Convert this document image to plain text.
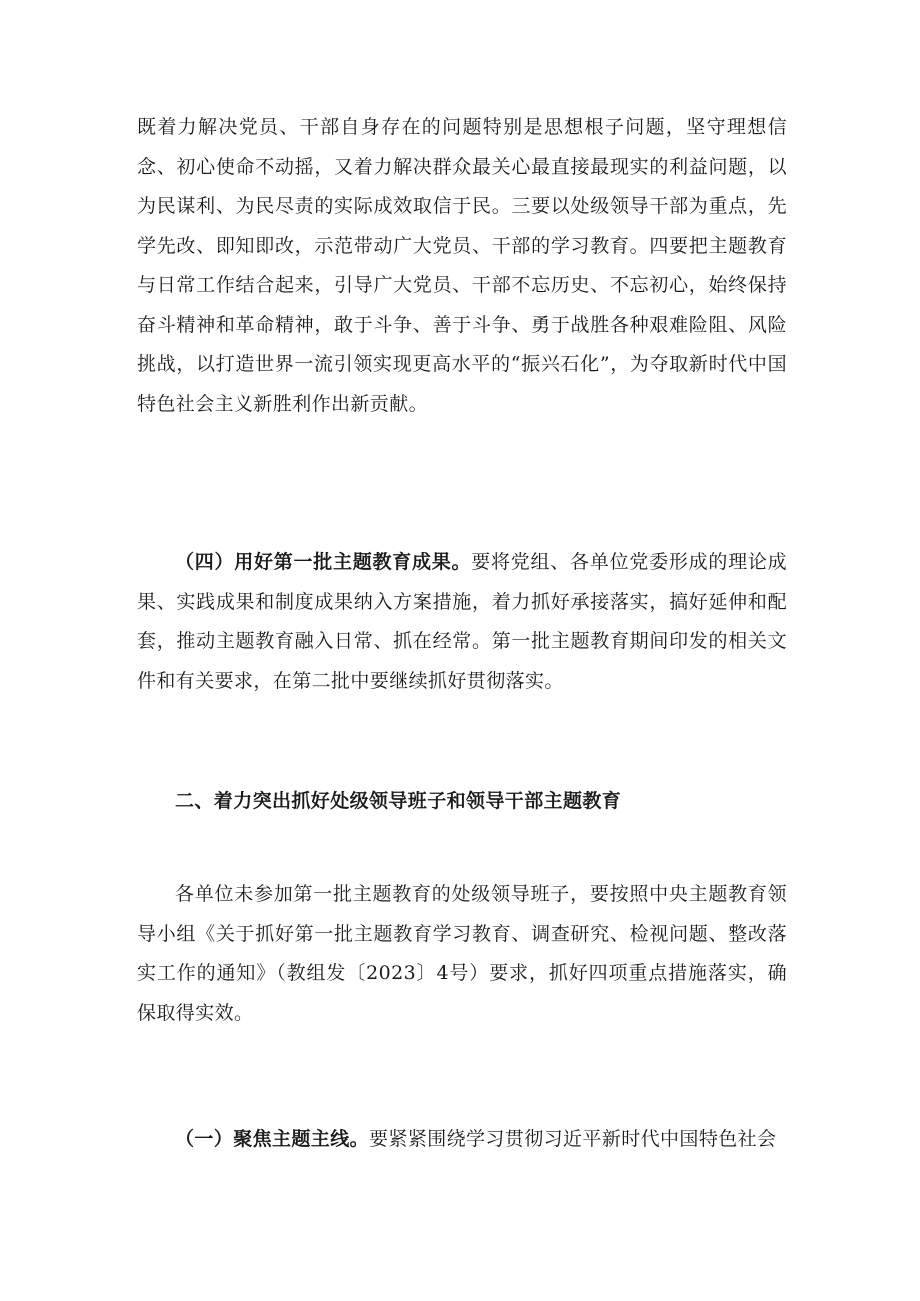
既着力解决党员、干部自身存在的问题特别是思想根子问题，坚守理想信念、初心使命不动摇，又着力解决群众最关心最直接最现实的利益问题，以为民谋利、为民尽责的实际成效取信于民。三要以处级领导干部为重点，先学先改、即知即改，示范带动广大党员、干部的学习教育。四要把主题教育与日常工作结合起来，引导广大党员、干部不忘历史、不忘初心，始终保持奋斗精神和革命精神，敢于斗争、善于斗争、勇于战胜各种艰难险阻、风险挑战，以打造世界一流引领实现更高水平的“振兴石化”，为夺取新时代中国特色社会主义新胜利作出新贡献。

（四）用好第一批主题教育成果。要将党组、各单位党委形成的理论成果、实践成果和制度成果纳入方案措施，着力抓好承接落实，搞好延伸和配套，推动主题教育融入日常、抓在经常。第一批主题教育期间印发的相关文件和有关要求，在第二批中要继续抓好贯彻落实。

二、着力突出抓好处级领导班子和领导干部主题教育

各单位未参加第一批主题教育的处级领导班子，要按照中央主题教育领导小组《关于抓好第一批主题教育学习教育、调查研究、检视问题、整改落实工作的通知》（教组发〔2023〕4号）要求，抓好四项重点措施落实，确保取得实效。

（一）聚焦主题主线。要紧紧围绕学习贯彻习近平新时代中国特色社会
